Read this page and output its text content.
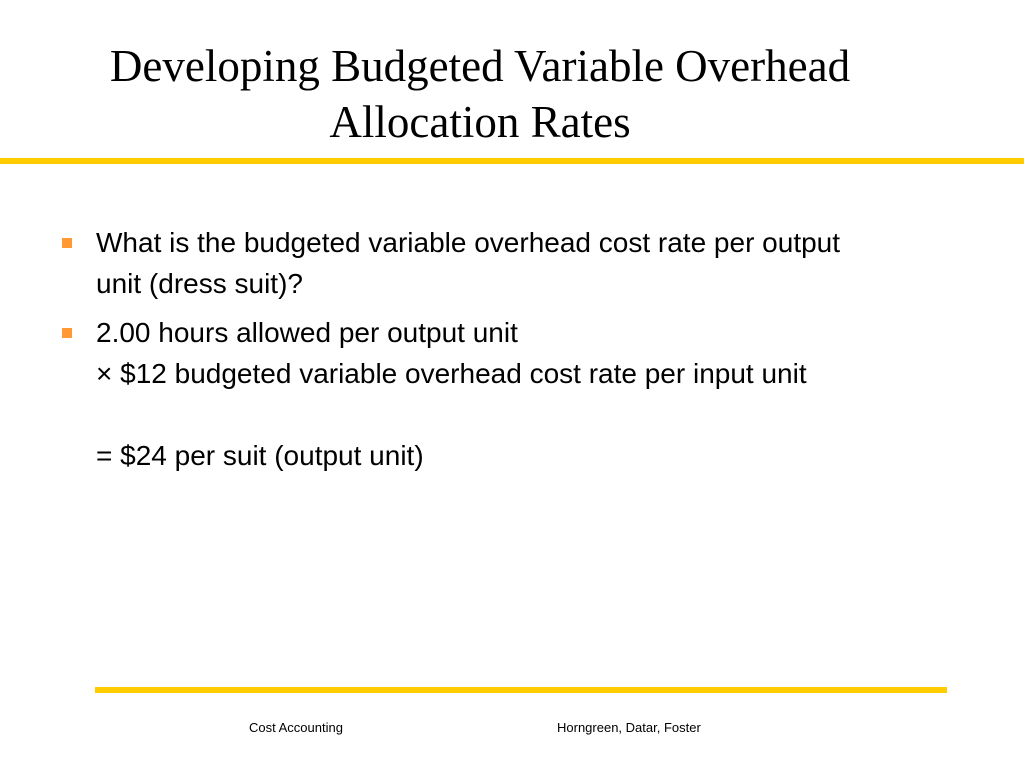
Developing Budgeted Variable Overhead
Allocation Rates
What is the budgeted variable overhead cost rate per output
unit (dress suit)?
2.00 hours allowed per output unit
× $12 budgeted variable overhead cost rate per input unit
= $24 per suit (output unit)
Cost Accounting	Horngreen, Datar, Foster
